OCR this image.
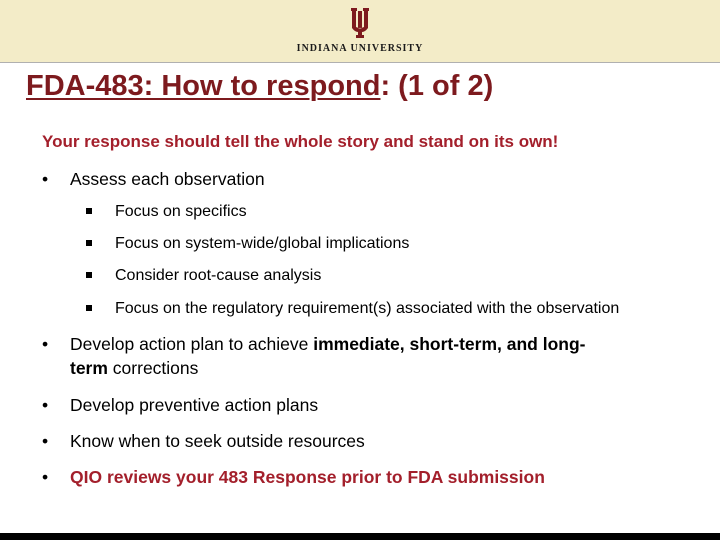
INDIANA UNIVERSITY
FDA-483: How to respond: (1 of 2)
Your response should tell the whole story and stand on its own!
• Assess each observation
Focus on specifics
Focus on system-wide/global implications
Consider root-cause analysis
Focus on the regulatory requirement(s) associated with the observation
• Develop action plan to achieve immediate, short-term, and long-
term corrections
• Develop preventive action plans
• Know when to seek outside resources
• QIO reviews your 483 Response prior to FDA submission
